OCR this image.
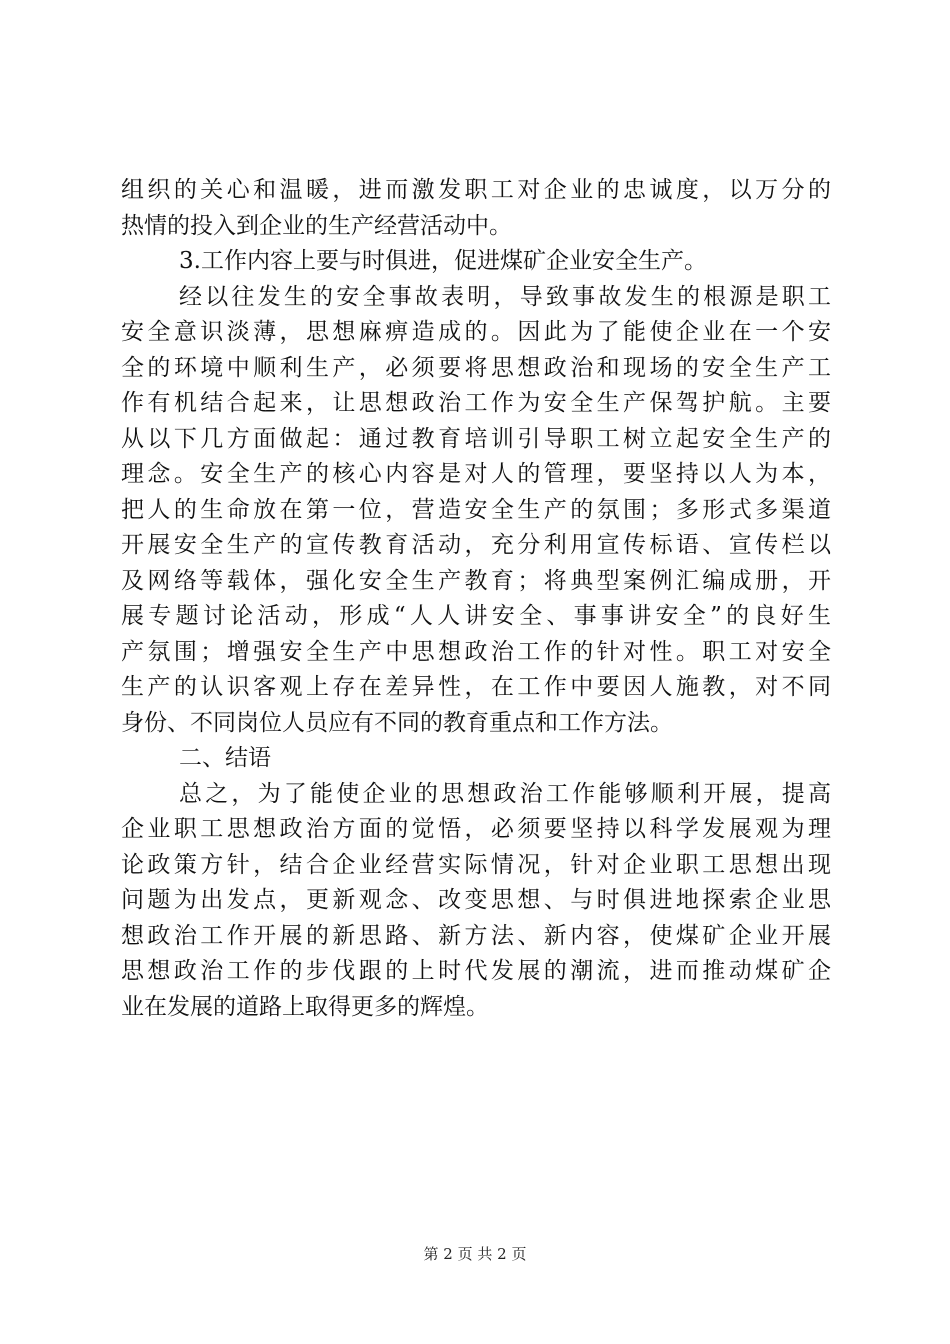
组织的关心和温暖，进而激发职工对企业的忠诚度，以万分的
热情的投入到企业的生产经营活动中。
3.工作内容上要与时俱进，促进煤矿企业安全生产。
经以往发生的安全事故表明，导致事故发生的根源是职工
安全意识淡薄，思想麻痹造成的。因此为了能使企业在一个安
全的环境中顺利生产，必须要将思想政治和现场的安全生产工
作有机结合起来，让思想政治工作为安全生产保驾护航。主要
从以下几方面做起：通过教育培训引导职工树立起安全生产的
理念。安全生产的核心内容是对人的管理，要坚持以人为本，
把人的生命放在第一位，营造安全生产的氛围；多形式多渠道
开展安全生产的宣传教育活动，充分利用宣传标语、宣传栏以
及网络等载体，强化安全生产教育；将典型案例汇编成册，开
展专题讨论活动，形成“人人讲安全、事事讲安全”的良好生
产氛围；增强安全生产中思想政治工作的针对性。职工对安全
生产的认识客观上存在差异性，在工作中要因人施教，对不同
身份、不同岗位人员应有不同的教育重点和工作方法。
二、结语
总之，为了能使企业的思想政治工作能够顺利开展，提高
企业职工思想政治方面的觉悟，必须要坚持以科学发展观为理
论政策方针，结合企业经营实际情况，针对企业职工思想出现
问题为出发点，更新观念、改变思想、与时俱进地探索企业思
想政治工作开展的新思路、新方法、新内容，使煤矿企业开展
思想政治工作的步伐跟的上时代发展的潮流，进而推动煤矿企
业在发展的道路上取得更多的辉煌。
第 2 页 共 2 页
